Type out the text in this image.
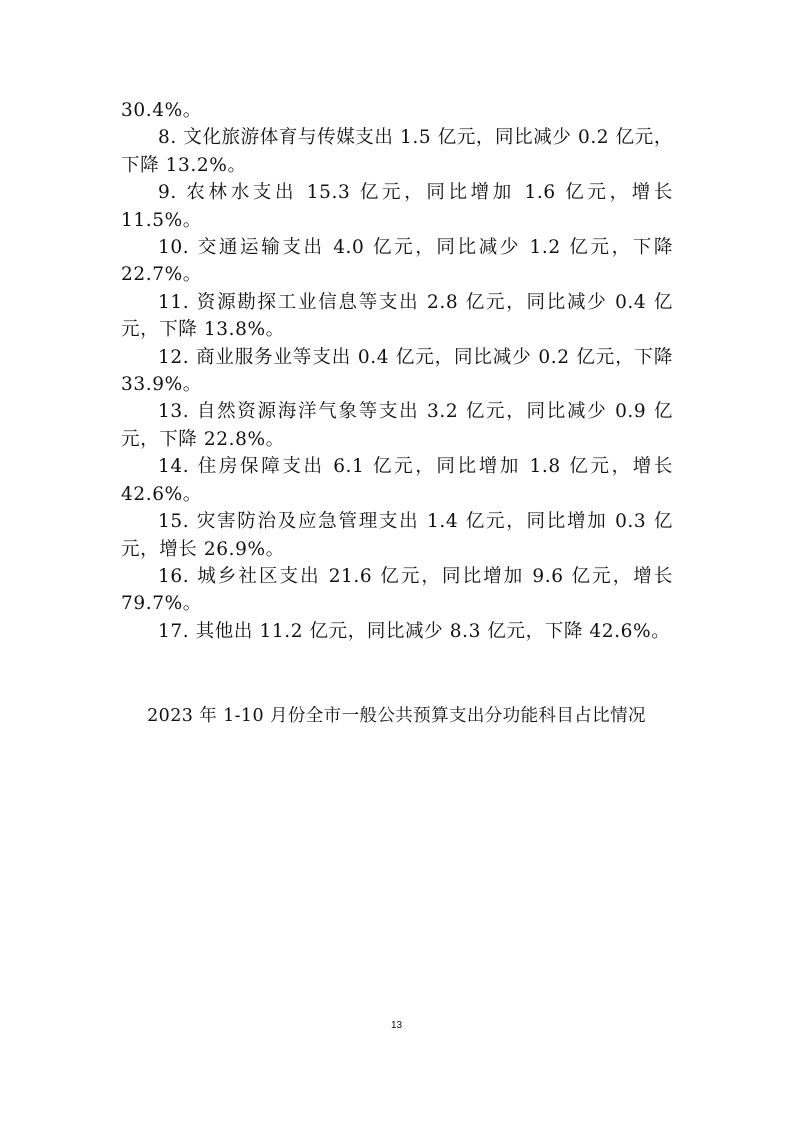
30.4%。

8. 文化旅游体育与传媒支出 1.5 亿元，同比减少 0.2 亿元，下降 13.2%。

9. 农林水支出 15.3 亿元，同比增加 1.6 亿元，增长 11.5%。

10. 交通运输支出 4.0 亿元，同比减少 1.2 亿元，下降 22.7%。

11. 资源勘探工业信息等支出 2.8 亿元，同比减少 0.4 亿元，下降 13.8%。

12. 商业服务业等支出 0.4 亿元，同比减少 0.2 亿元，下降 33.9%。

13. 自然资源海洋气象等支出 3.2 亿元，同比减少 0.9 亿元，下降 22.8%。

14. 住房保障支出 6.1 亿元，同比增加 1.8 亿元，增长 42.6%。

15. 灾害防治及应急管理支出 1.4 亿元，同比增加 0.3 亿元，增长 26.9%。

16. 城乡社区支出 21.6 亿元，同比增加 9.6 亿元，增长 79.7%。

17. 其他出 11.2 亿元，同比减少 8.3 亿元，下降 42.6%。

2023 年 1-10 月份全市一般公共预算支出分功能科目占比情况

13
